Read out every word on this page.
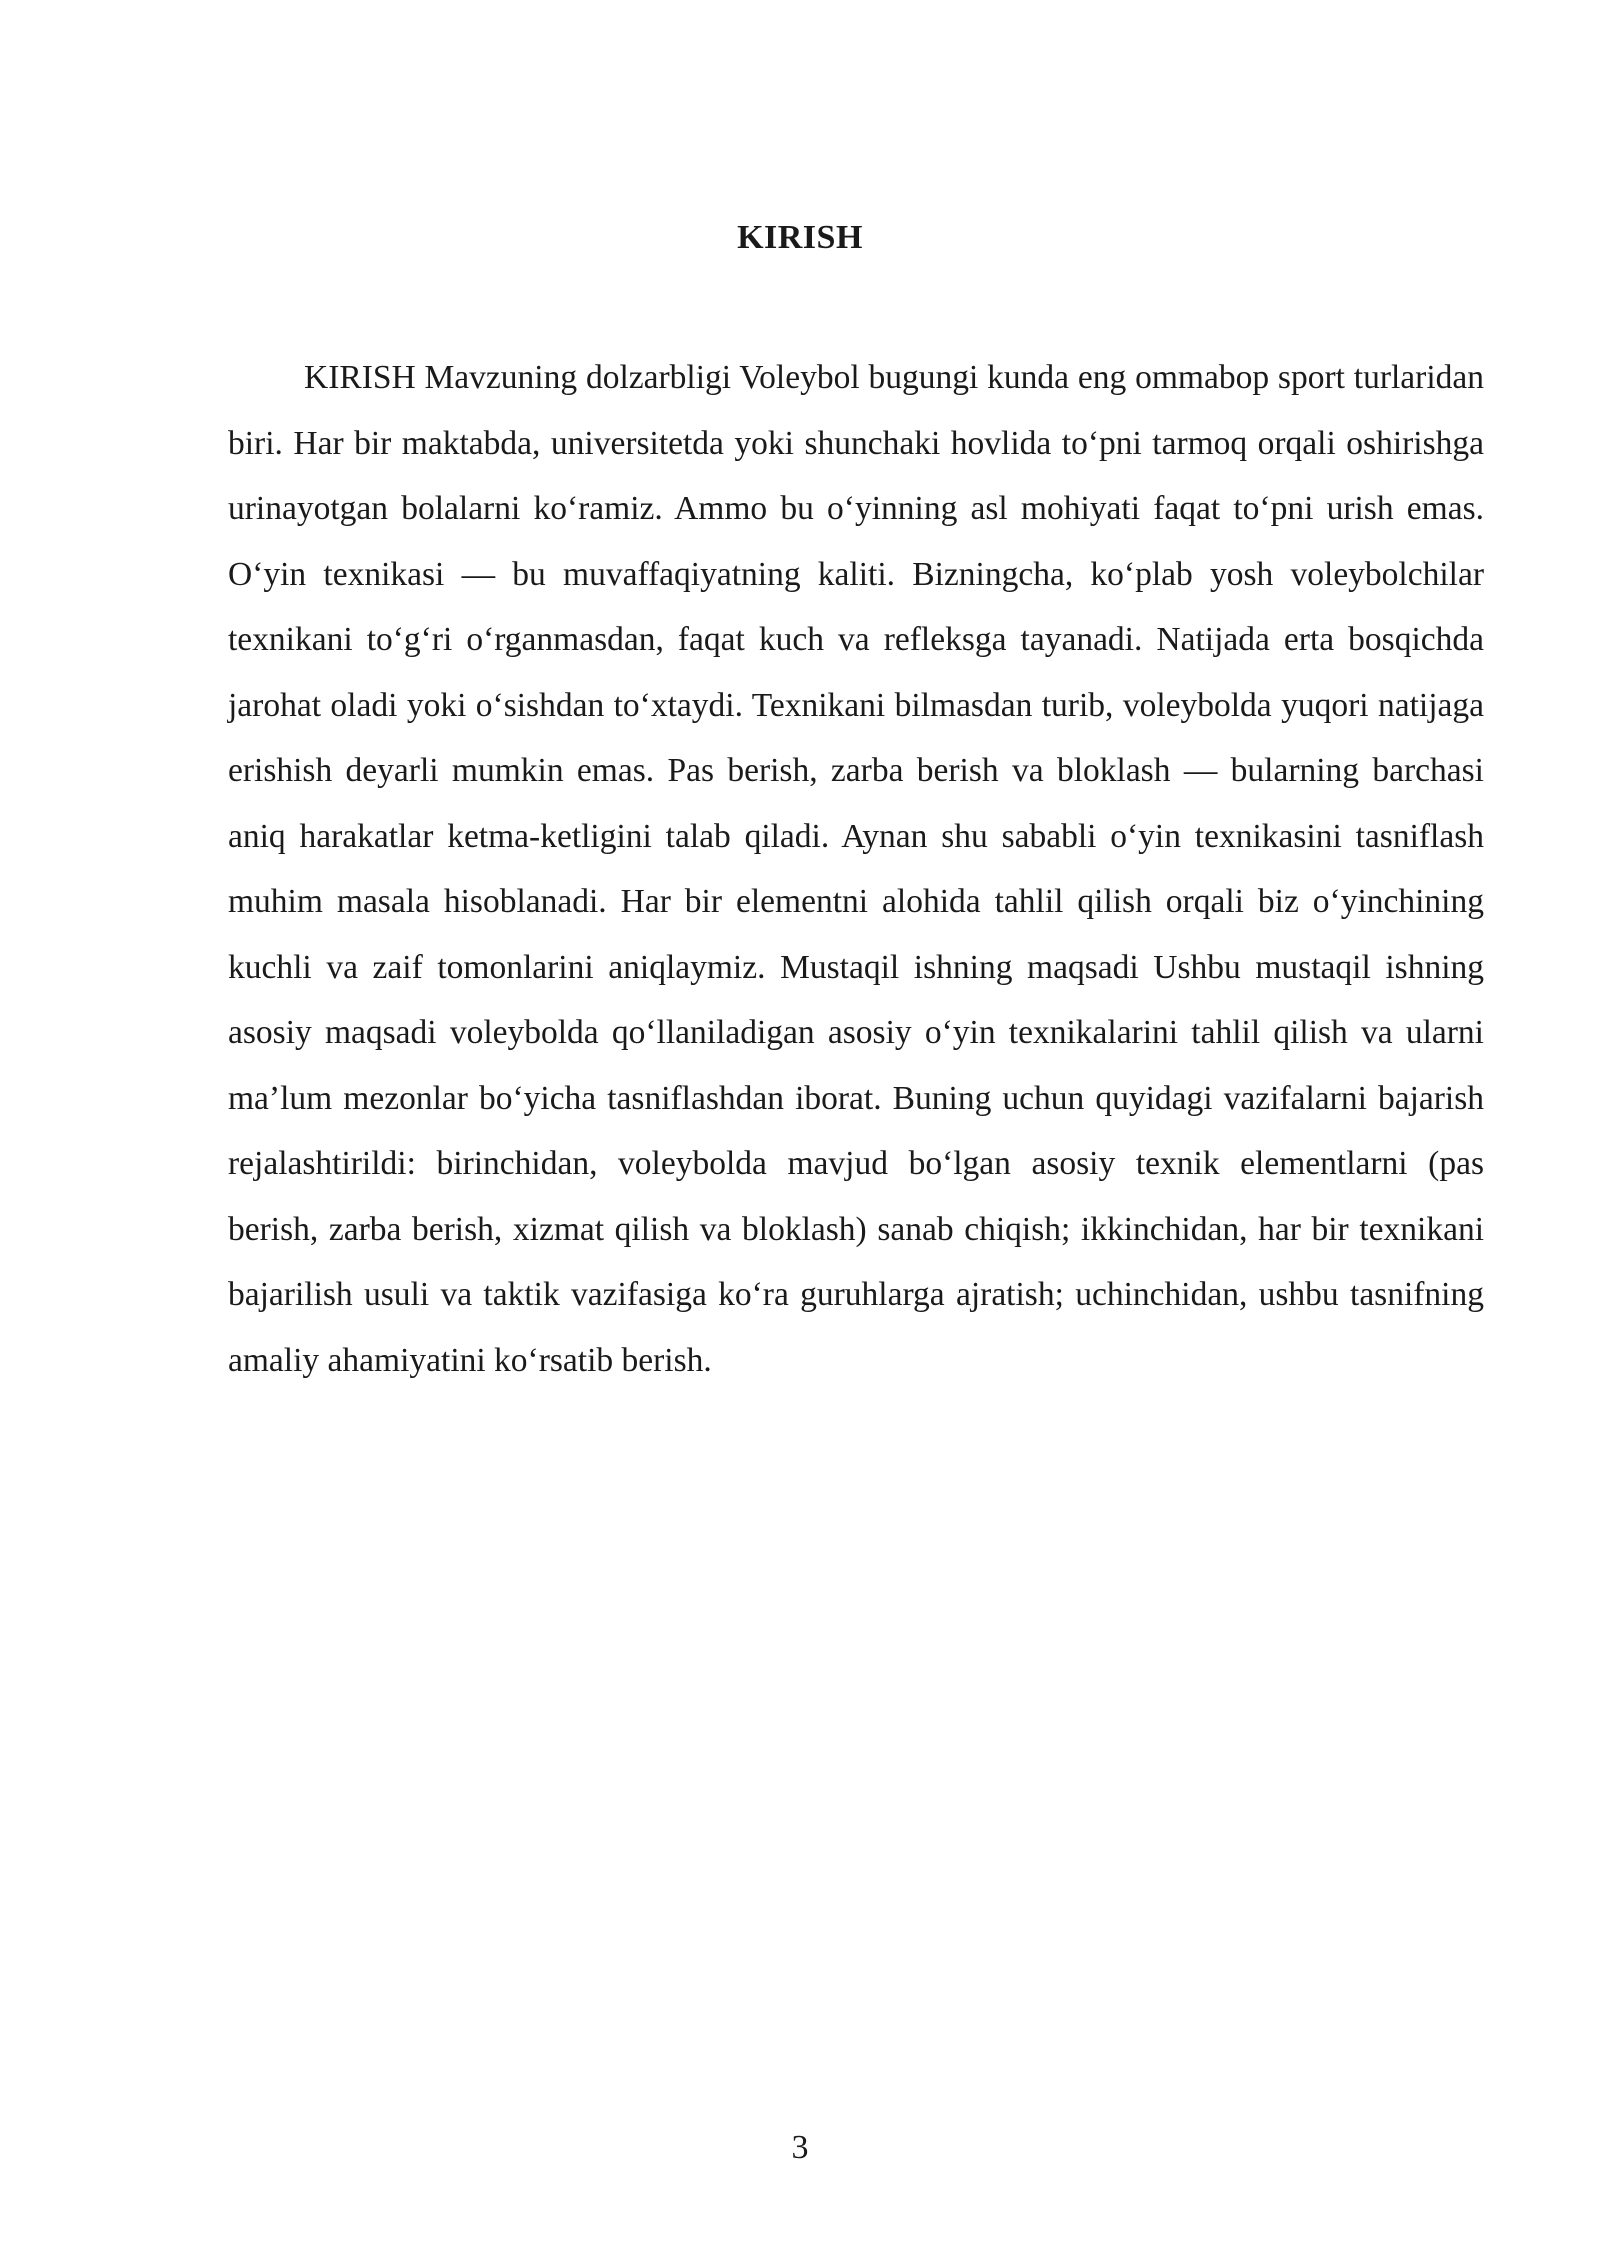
KIRISH

KIRISH Mavzuning dolzarbligi Voleybol bugungi kunda eng ommabop sport turlaridan biri. Har bir maktabda, universitetda yoki shunchaki hovlida to‘pni tarmoq orqali oshirishga urinayotgan bolalarni ko‘ramiz. Ammo bu o‘yinning asl mohiyati faqat to‘pni urish emas. O‘yin texnikasi — bu muvaffaqiyatning kaliti. Bizningcha, ko‘plab yosh voleybolchilar texnikani to‘g‘ri o‘rganmasdan, faqat kuch va refleksga tayanadi. Natijada erta bosqichda jarohat oladi yoki o‘sishdan to‘xtaydi. Texnikani bilmasdan turib, voleybolda yuqori natijaga erishish deyarli mumkin emas. Pas berish, zarba berish va bloklash — bularning barchasi aniq harakatlar ketma-ketligini talab qiladi. Aynan shu sababli o‘yin texnikasini tasniflash muhim masala hisoblanadi. Har bir elementni alohida tahlil qilish orqali biz o‘yinchining kuchli va zaif tomonlarini aniqlaymiz. Mustaqil ishning maqsadi Ushbu mustaqil ishning asosiy maqsadi voleybolda qo‘llaniladigan asosiy o‘yin texnikalarini tahlil qilish va ularni ma’lum mezonlar bo‘yicha tasniflashdan iborat. Buning uchun quyidagi vazifalarni bajarish rejalashtirildi: birinchidan, voleybolda mavjud bo‘lgan asosiy texnik elementlarni (pas berish, zarba berish, xizmat qilish va bloklash) sanab chiqish; ikkinchidan, har bir texnikani bajarilish usuli va taktik vazifasiga ko‘ra guruhlarga ajratish; uchinchidan, ushbu tasnifning amaliy ahamiyatini ko‘rsatib berish.

3
